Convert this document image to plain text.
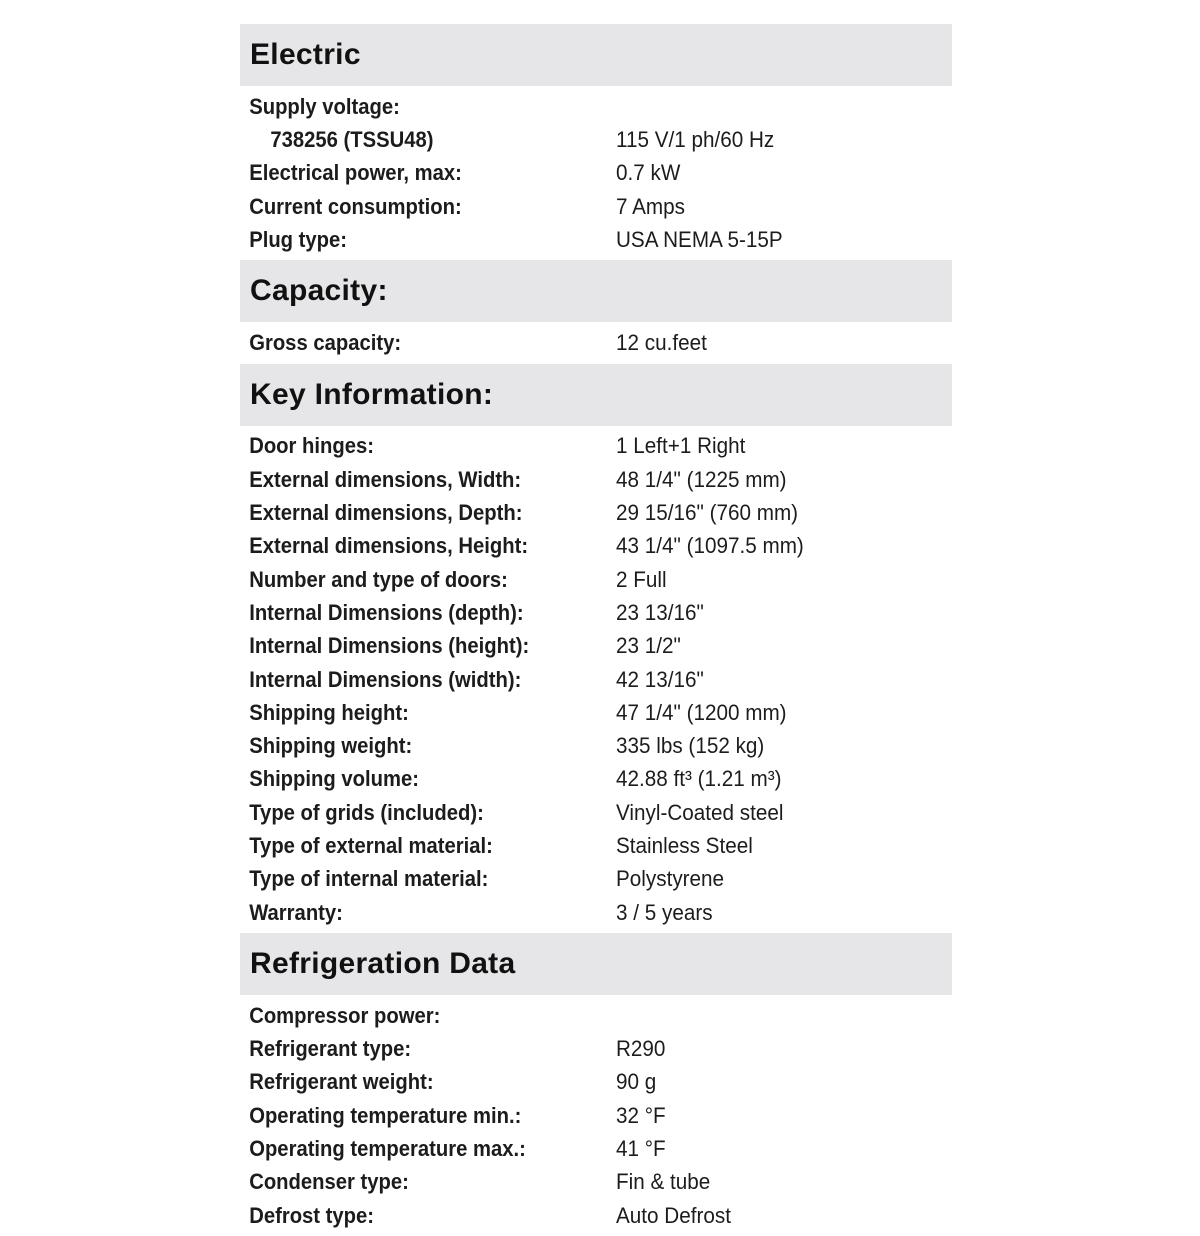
Electric
Supply voltage:
738256 (TSSU48)	115 V/1 ph/60 Hz
Electrical power, max:	0.7 kW
Current consumption:	7 Amps
Plug type:	USA NEMA 5-15P
Capacity:
Gross capacity:	12 cu.feet
Key Information:
Door hinges:	1 Left+1 Right
External dimensions, Width:	48 1/4" (1225 mm)
External dimensions, Depth:	29 15/16" (760 mm)
External dimensions, Height:	43 1/4" (1097.5 mm)
Number and type of doors:	2 Full
Internal Dimensions (depth):	23 13/16"
Internal Dimensions (height):	23 1/2"
Internal Dimensions (width):	42 13/16"
Shipping height:	47 1/4" (1200 mm)
Shipping weight:	335 lbs (152 kg)
Shipping volume:	42.88 ft³ (1.21 m³)
Type of grids (included):	Vinyl-Coated steel
Type of external material:	Stainless Steel
Type of internal material:	Polystyrene
Warranty:	3 / 5 years
Refrigeration Data
Compressor power:
Refrigerant type:	R290
Refrigerant weight:	90 g
Operating temperature min.:	32 °F
Operating temperature max.:	41 °F
Condenser type:	Fin & tube
Defrost type:	Auto Defrost
